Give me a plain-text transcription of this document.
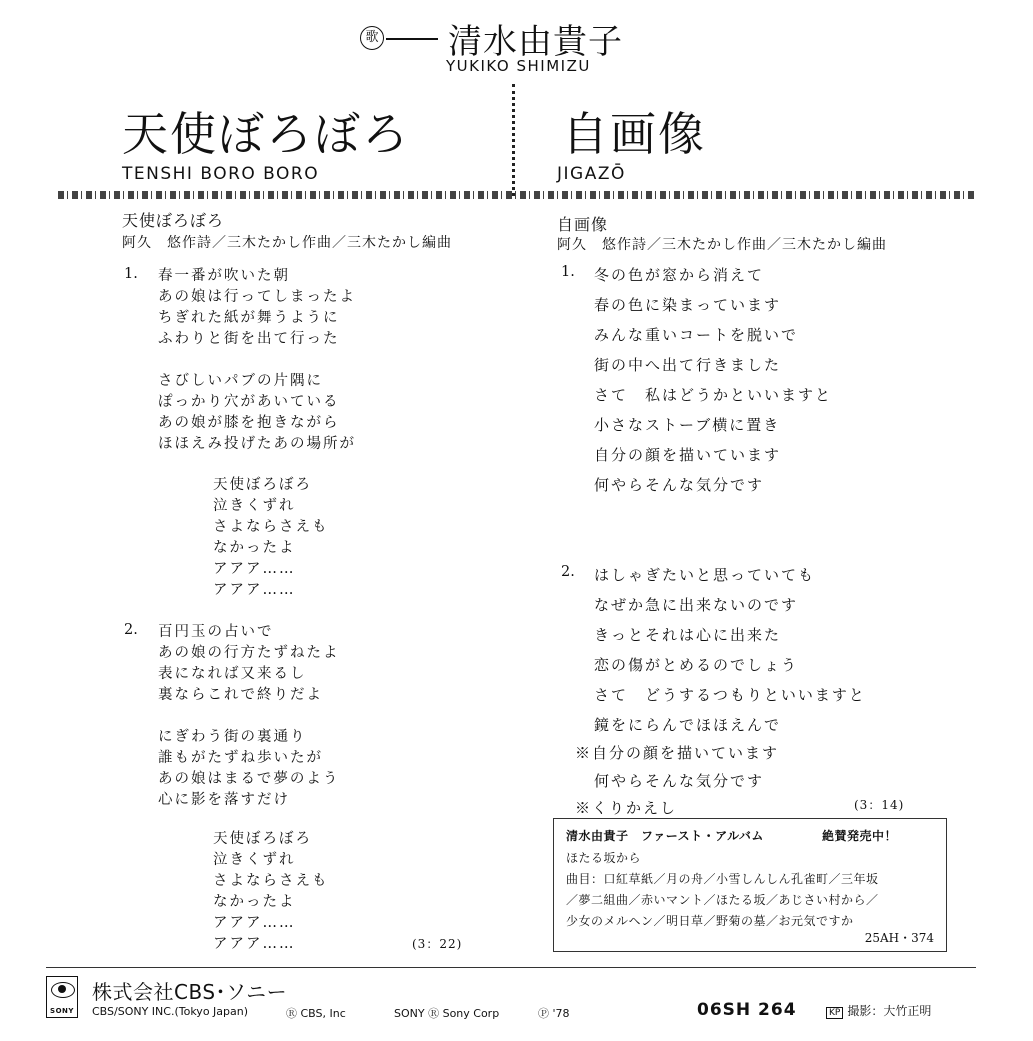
歌 清水由貴子
YUKIKO SHIMIZU
天使ぼろぼろ
TENSHI BORO BORO
自画像
JIGAZŌ
天使ぼろぼろ
阿久　悠作詩／三木たかし作曲／三木たかし編曲
1. 春一番が吹いた朝
あの娘は行ってしまったよ
ちぎれた紙が舞うように
ふわりと街を出て行った
さびしいパブの片隅に
ぽっかり穴があいている
あの娘が膝を抱きながら
ほほえみ投げたあの場所が
天使ぼろぼろ
泣きくずれ
さよならさえも
なかったよ
アアア……
アアア……
2. 百円玉の占いで
あの娘の行方たずねたよ
表になれば又来るし
裏ならこれで終りだよ
にぎわう街の裏通り
誰もがたずね歩いたが
あの娘はまるで夢のよう
心に影を落すだけ
天使ぼろぼろ
泣きくずれ
さよならさえも
なかったよ
アアア……
アアア……	(3：22)
自画像
阿久　悠作詩／三木たかし作曲／三木たかし編曲
1. 冬の色が窓から消えて
春の色に染まっています
みんな重いコートを脱いで
街の中へ出て行きました
さて　私はどうかといいますと
小さなストーブ横に置き
自分の顔を描いています
何やらそんな気分です
2. はしゃぎたいと思っていても
なぜか急に出来ないのです
きっとそれは心に出来た
恋の傷がとめるのでしょう
さて　どうするつもりといいますと
鏡をにらんでほほえんで
※自分の顔を描いています
何やらそんな気分です
※くりかえし	(3：14)
清水由貴子　ファースト・アルバム	絶賛発売中！
ほたる坂から
曲目：口紅草紙／月の舟／小雪しんしん孔雀町／三年坂
／夢二組曲／赤いマント／ほたる坂／あじさい村から／
少女のメルヘン／明日草／野菊の墓／お元気ですか
25AH・374
SONY
株式会社CBS･ソニー
CBS/SONY INC.(Tokyo Japan)	Ⓡ CBS, Inc	SONY Ⓡ Sony Corp	Ⓟ '78	06SH 264	KP 撮影：大竹正明
